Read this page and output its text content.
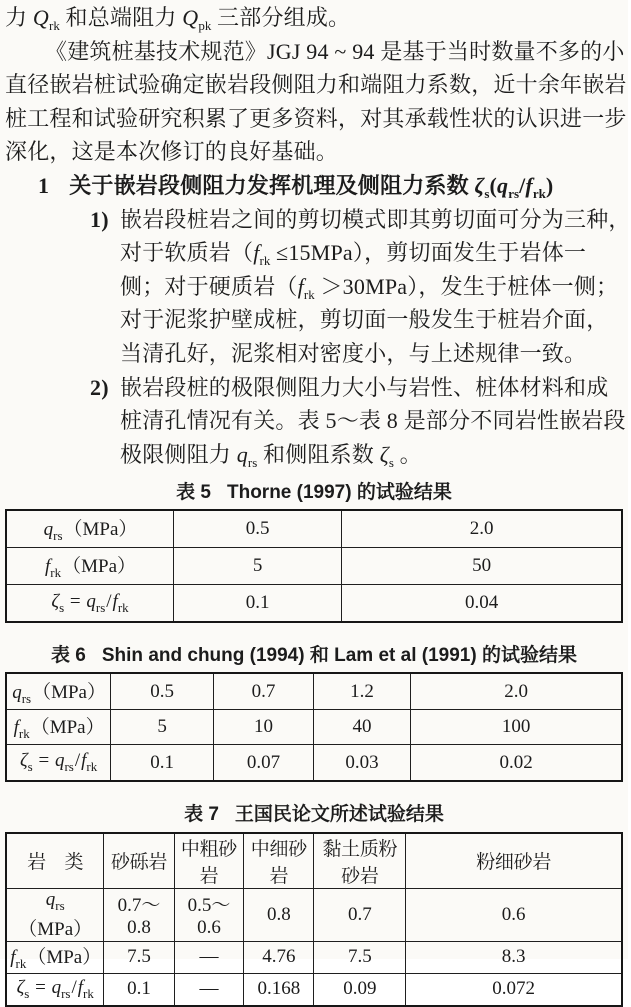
力 $Q_{rk}$ 和总端阻力 $Q_{pk}$ 三部分组成。
《建筑桩基技术规范》JGJ 94 ~ 94 是基于当时数量不多的小
直径嵌岩桩试验确定嵌岩段侧阻力和端阻力系数，近十余年嵌岩
桩工程和试验研究积累了更多资料，对其承载性状的认识进一步
深化，这是本次修订的良好基础。
1 关于嵌岩段侧阻力发挥机理及侧阻力系数 $\zeta_s(q_{rs}/f_{rk})$
1) 嵌岩段桩岩之间的剪切模式即其剪切面可分为三种，
对于软质岩$(f_{rk} \le 15MPa)$，剪切面发生于岩体一
侧；对于硬质岩$(f_{rk} >30MPa)$，发生于桩体一侧；
对于泥浆护壁成桩，剪切面一般发生于桩岩介面，
当清孔好，泥浆相对密度小，与上述规律一致。
2) 嵌岩段桩的极限侧阻力大小与岩性、桩体材料和成
桩清孔情况有关。表 5～表 8 是部分不同岩性嵌岩段
极限侧阻力 $q_{rs}$ 和侧阻系数 $\zeta_s$ 。
表 5 Thorne (1997) 的试验结果
$q_{rs}(MPa)$	0.5	2.0
$f_{rk}(MPa)$	5	50
$\zeta_s = q_{rs}/f_{rk}$	0.1	0.04
表 6 Shin and chung (1994) 和 Lam et al (1991) 的试验结果
$q_{rs}(MPa)$	0.5	0.7	1.2	2.0
$f_{rk}(MPa)$	5	10	40	100
$\zeta_s = q_{rs}/f_{rk}$	0.1	0.07	0.03	0.02
表 7 王国民论文所述试验结果
岩　类	砂砾岩	中粗砂岩	中细砂岩	黏土质粉砂岩	粉细砂岩
$q_{rs}(MPa)$	0.7～0.8	0.5～0.6	0.8	0.7	0.6
$f_{rk}(MPa)$	7.5	—	4.76	7.5	8.3
$\zeta_s = q_{rs}/f_{rk}$	0.1	—	0.168	0.09	0.072
